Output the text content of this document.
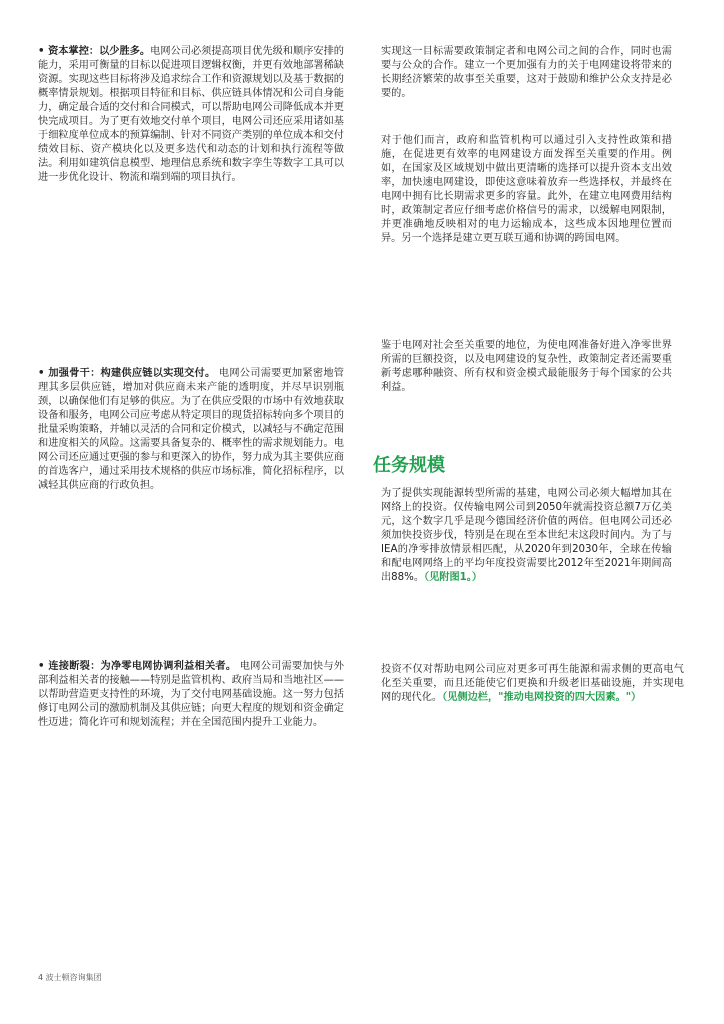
• 资本掌控：以少胜多。电网公司必须提高项目优先级和顺序安排的能力，采用可衡量的目标以促进项目逻辑权衡，并更有效地部署稀缺资源。实现这些目标将涉及追求综合工作和资源规划以及基于数据的概率情景规划。根据项目特征和目标、供应链具体情况和公司自身能力，确定最合适的交付和合同模式，可以帮助电网公司降低成本并更快完成项目。为了更有效地交付单个项目，电网公司还应采用诸如基于细粒度单位成本的预算编制、针对不同资产类别的单位成本和交付绩效目标、资产模块化以及更多迭代和动态的计划和执行流程等做法。利用如建筑信息模型、地理信息系统和数字孪生等数字工具可以进一步优化设计、物流和端到端的项目执行。
• 加强骨干：构建供应链以实现交付。 电网公司需要更加紧密地管理其多层供应链，增加对供应商未来产能的透明度，并尽早识别瓶颈，以确保他们有足够的供应。为了在供应受限的市场中有效地获取设备和服务，电网公司应考虑从特定项目的现货招标转向多个项目的批量采购策略，并辅以灵活的合同和定价模式，以减轻与不确定范围和进度相关的风险。这需要具备复杂的、概率性的需求规划能力。电网公司还应通过更强的参与和更深入的协作，努力成为其主要供应商的首选客户，通过采用技术规格的供应市场标准，简化招标程序，以减轻其供应商的行政负担。
• 连接断裂：为净零电网协调利益相关者。 电网公司需要加快与外部利益相关者的接触——特别是监管机构、政府当局和当地社区——以帮助营造更支持性的环境，为了交付电网基础设施。这一努力包括修订电网公司的激励机制及其供应链；向更大程度的规划和资金确定性迈进；简化许可和规划流程；并在全国范围内提升工业能力。
实现这一目标需要政策制定者和电网公司之间的合作，同时也需要与公众的合作。建立一个更加强有力的关于电网建设将带来的长期经济繁荣的故事至关重要，这对于鼓励和维护公众支持是必要的。
对于他们而言，政府和监管机构可以通过引入支持性政策和措施，在促进更有效率的电网建设方面发挥至关重要的作用。例如，在国家及区域规划中做出更清晰的选择可以提升资本支出效率，加快速电网建设，即使这意味着放弃一些选择权，并最终在电网中拥有比长期需求更多的容量。此外，在建立电网费用结构时，政策制定者应仔细考虑价格信号的需求，以缓解电网限制，并更准确地反映相对的电力运输成本，这些成本因地理位置而异。另一个选择是建立更互联互通和协调的跨国电网。
鉴于电网对社会至关重要的地位，为使电网准备好进入净零世界所需的巨额投资，以及电网建设的复杂性，政策制定者还需要重新考虑哪种融资、所有权和资金模式最能服务于每个国家的公共利益。
任务规模
为了提供实现能源转型所需的基建，电网公司必须大幅增加其在网络上的投资。仅传输电网公司到2050年就需投资总额7万亿美元，这个数字几乎是现今德国经济价值的两倍。但电网公司还必须加快投资步伐，特别是在现在至本世纪末这段时间内。为了与IEA的净零排放情景相匹配，从2020年到2030年，全球在传输和配电网网络上的平均年度投资需要比2012年至2021年期间高出88%。（见附图1。）
投资不仅对帮助电网公司应对更多可再生能源和需求侧的更高电气化至关重要，而且还能使它们更换和升级老旧基础设施，并实现电网的现代化。（见侧边栏，"推动电网投资的四大因素。"）
4 波士顿咨询集团
